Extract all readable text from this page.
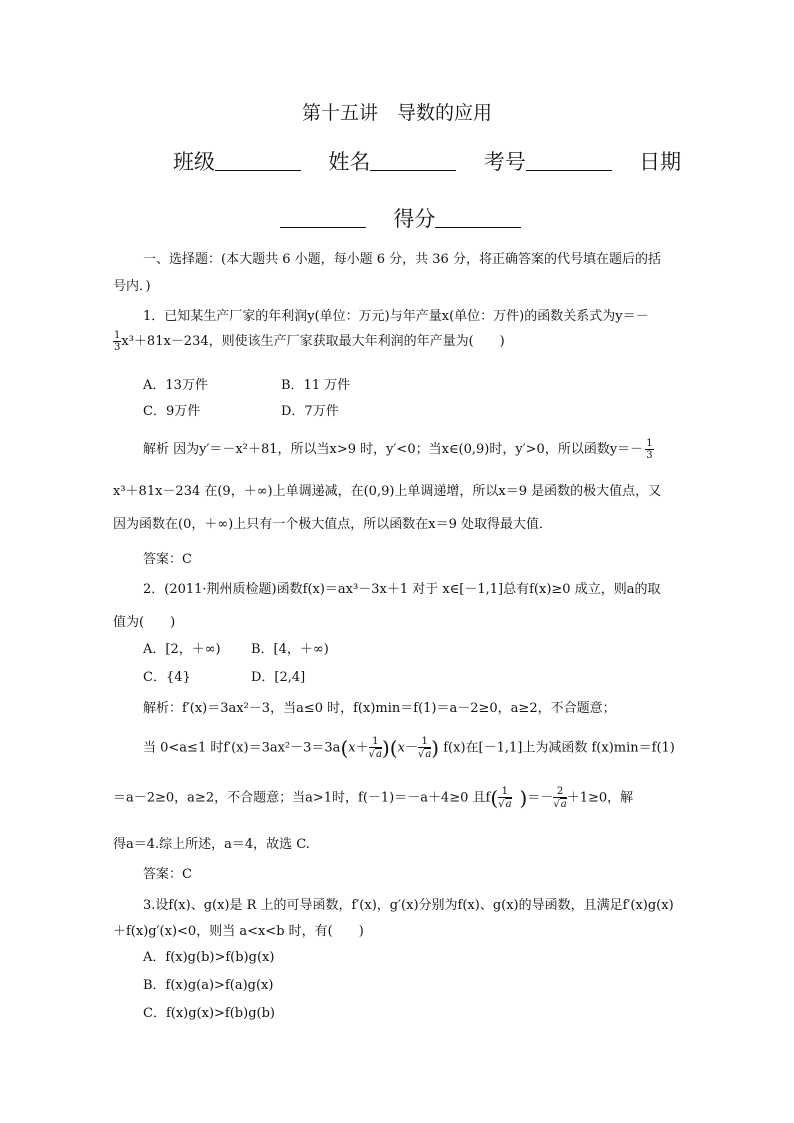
第十五讲　导数的应用
班级	姓名	考号	日期
得分
一、选择题：(本大题共 6 小题，每小题 6 分，共 36 分，将正确答案的代号填在题后的括
号内．)
1．已知某生产厂家的年利润y(单位：万元)与年产量x(单位：万件)的函数关系式为y＝－
$\frac{1}{3} x^3+81x-234$，则使该生产厂家获取最大年利润的年产量为(　　)
A．13万件	B．11 万件
C．9万件	D．7万件
解析 因为y′＝－x²＋81，所以当x>9 时，y′<0；当x∈(0,9)时，y′>0，所以函数$y=- \frac{1}{3}$
x³＋81x－234 在(9，＋∞)上单调递减，在(0,9)上单调递增，所以x＝9 是函数的极大值点，又
因为函数在(0，＋∞)上只有一个极大值点，所以函数在x＝9 处取得最大值．
答案：C
2．(2011·荆州质检题)函数f(x)＝ax³－3x＋1 对于 x∈[－1,1]总有f(x)≥0 成立，则a的取
值为(　　)
A．[2，＋∞) B．[4，＋∞)
C．{4}	D．[2,4]
解析：f′(x)＝3ax²－3，当a≤0 时，f(x)min＝f(1)＝a－2≥0，a≥2，不合题意；
当 0<a≤1 时$f'(x)=3ax^2-3=3a(x+ \frac{1}{√a} )(x- \frac{1}{√a}$ ) f(x)在[－1,1]上为减函数 f(x)min＝f(1)
＝a－2≥0，a≥2，不合题意；当a>1时，f(－1)＝－a＋4≥0 且$f( \frac{1}{√a}$ )＝－ $\frac{2}{√a} +1\ge 0$，解
得a＝4.综上所述，a＝4，故选 C.
答案：C
3.设f(x)、g(x)是 R 上的可导函数，f′(x)，g′(x)分别为f(x)、g(x)的导函数，且满足f′(x)g(x)
＋f(x)g′(x)<0，则当 a<x<b 时，有(　　)
A．f(x)g(b)>f(b)g(x)
B．f(x)g(a)>f(a)g(x)
C．f(x)g(x)>f(b)g(b)
